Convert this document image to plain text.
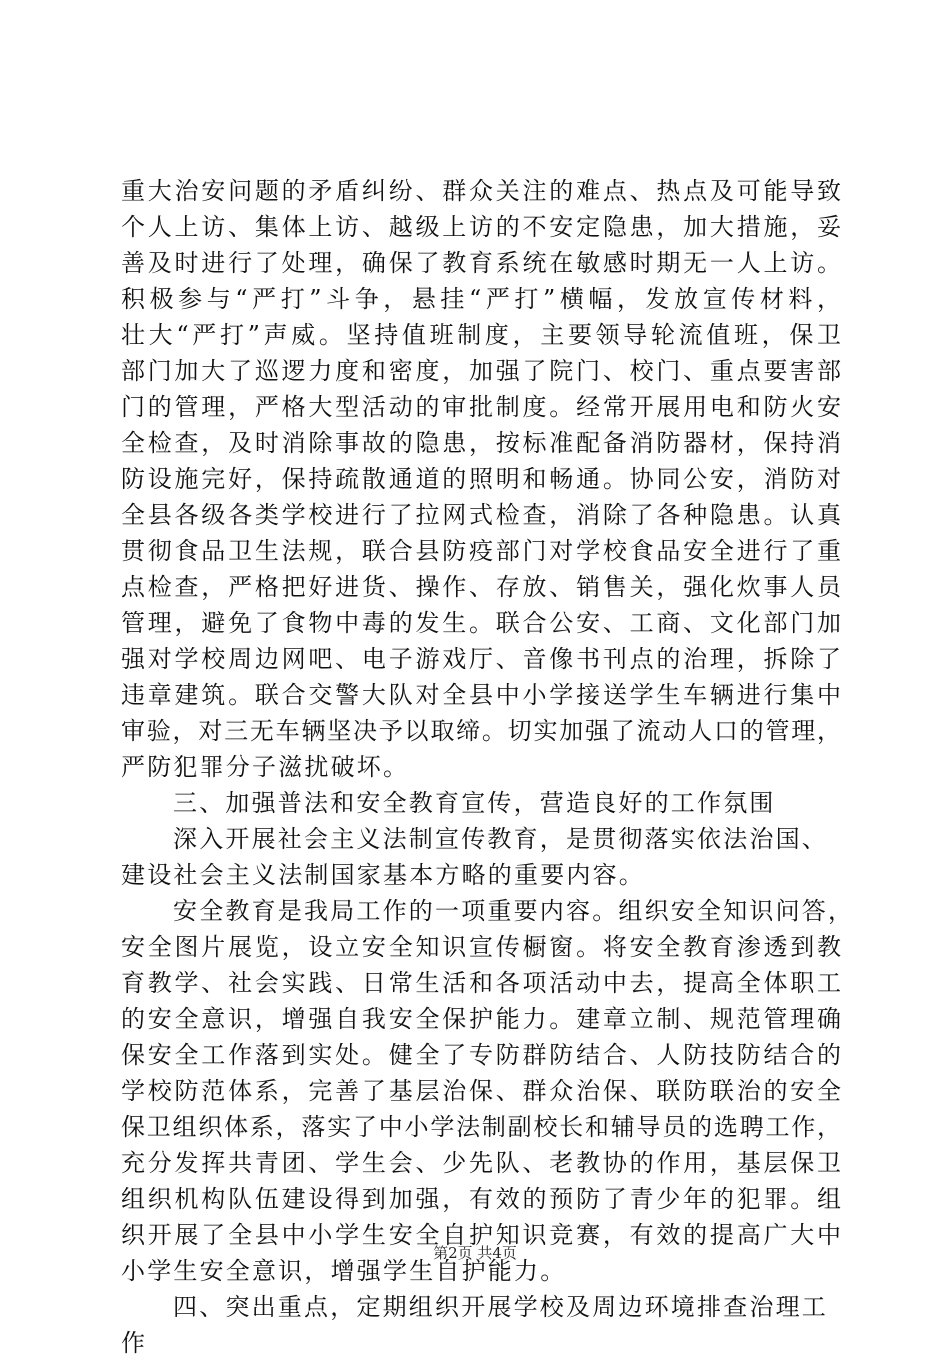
重大治安问题的矛盾纠纷、群众关注的难点、热点及可能导致
个人上访、集体上访、越级上访的不安定隐患，加大措施，妥
善及时进行了处理，确保了教育系统在敏感时期无一人上访。
积极参与“严打”斗争，悬挂“严打”横幅，发放宣传材料，
壮大“严打”声威。坚持值班制度，主要领导轮流值班，保卫
部门加大了巡逻力度和密度，加强了院门、校门、重点要害部
门的管理，严格大型活动的审批制度。经常开展用电和防火安
全检查，及时消除事故的隐患，按标准配备消防器材，保持消
防设施完好，保持疏散通道的照明和畅通。协同公安，消防对
全县各级各类学校进行了拉网式检查，消除了各种隐患。认真
贯彻食品卫生法规，联合县防疫部门对学校食品安全进行了重
点检查，严格把好进货、操作、存放、销售关，强化炊事人员
管理，避免了食物中毒的发生。联合公安、工商、文化部门加
强对学校周边网吧、电子游戏厅、音像书刊点的治理，拆除了
违章建筑。联合交警大队对全县中小学接送学生车辆进行集中
审验，对三无车辆坚决予以取缔。切实加强了流动人口的管理，
严防犯罪分子滋扰破坏。
三、加强普法和安全教育宣传，营造良好的工作氛围
深入开展社会主义法制宣传教育，是贯彻落实依法治国、
建设社会主义法制国家基本方略的重要内容。
安全教育是我局工作的一项重要内容。组织安全知识问答，
安全图片展览，设立安全知识宣传橱窗。将安全教育渗透到教
育教学、社会实践、日常生活和各项活动中去，提高全体职工
的安全意识，增强自我安全保护能力。建章立制、规范管理确
保安全工作落到实处。健全了专防群防结合、人防技防结合的
学校防范体系，完善了基层治保、群众治保、联防联治的安全
保卫组织体系，落实了中小学法制副校长和辅导员的选聘工作，
充分发挥共青团、学生会、少先队、老教协的作用，基层保卫
组织机构队伍建设得到加强，有效的预防了青少年的犯罪。组
织开展了全县中小学生安全自护知识竞赛，有效的提高广大中
小学生安全意识，增强学生自护能力。
四、突出重点，定期组织开展学校及周边环境排查治理工
作
第2页 共4页
